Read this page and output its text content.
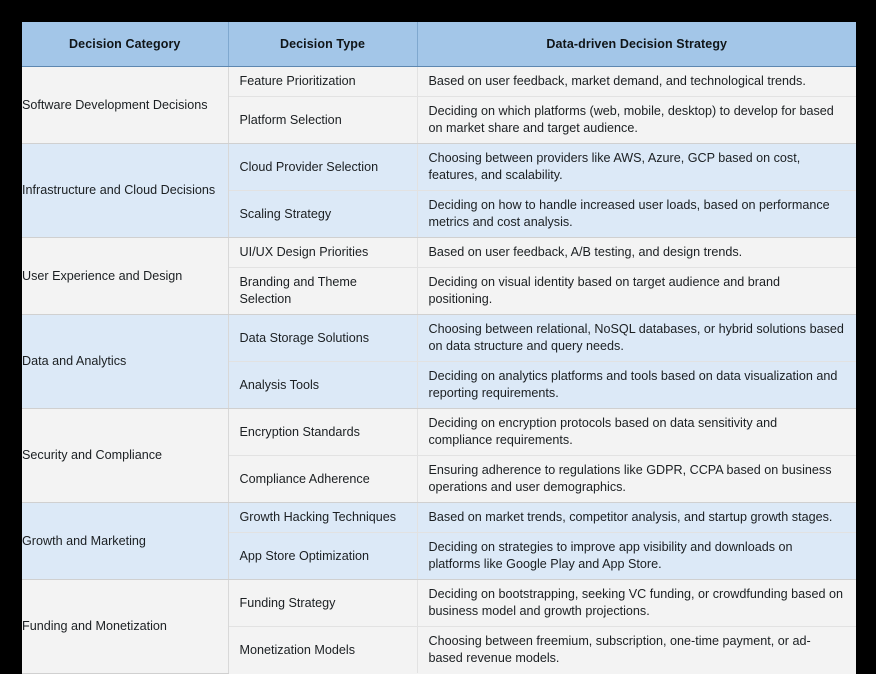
Decision Category	Decision Type	Data-driven Decision Strategy

Software Development Decisions	Feature Prioritization	Based on user feedback, market demand, and technological trends.
	Platform Selection	Deciding on which platforms (web, mobile, desktop) to develop for based on market share and target audience.

Infrastructure and Cloud Decisions	Cloud Provider Selection	Choosing between providers like AWS, Azure, GCP based on cost, features, and scalability.
	Scaling Strategy	Deciding on how to handle increased user loads, based on performance metrics and cost analysis.

User Experience and Design	UI/UX Design Priorities	Based on user feedback, A/B testing, and design trends.
	Branding and Theme Selection	Deciding on visual identity based on target audience and brand positioning.

Data and Analytics	Data Storage Solutions	Choosing between relational, NoSQL databases, or hybrid solutions based on data structure and query needs.
	Analysis Tools	Deciding on analytics platforms and tools based on data visualization and reporting requirements.

Security and Compliance	Encryption Standards	Deciding on encryption protocols based on data sensitivity and compliance requirements.
	Compliance Adherence	Ensuring adherence to regulations like GDPR, CCPA based on business operations and user demographics.

Growth and Marketing	Growth Hacking Techniques	Based on market trends, competitor analysis, and startup growth stages.
	App Store Optimization	Deciding on strategies to improve app visibility and downloads on platforms like Google Play and App Store.

Funding and Monetization	Funding Strategy	Deciding on bootstrapping, seeking VC funding, or crowdfunding based on business model and growth projections.
	Monetization Models	Choosing between freemium, subscription, one-time payment, or ad-based revenue models.
